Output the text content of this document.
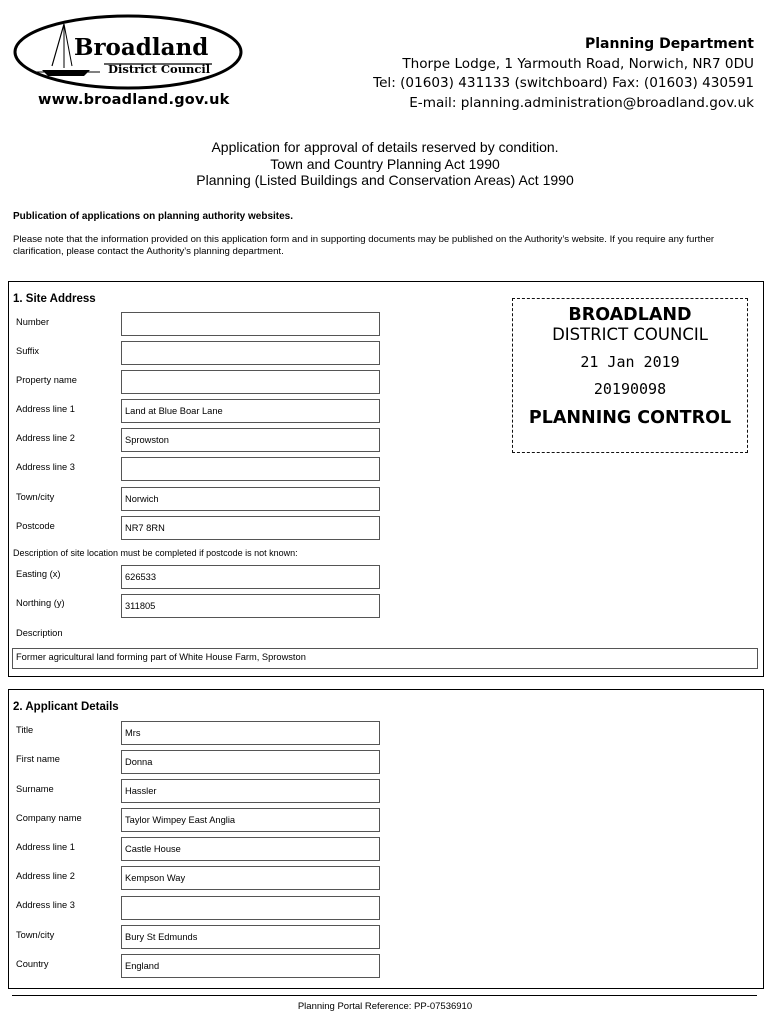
Broadland
District Council
www.broadland.gov.uk
Planning Department
Thorpe Lodge, 1 Yarmouth Road, Norwich, NR7 0DU
Tel: (01603) 431133 (switchboard) Fax: (01603) 430591
E-mail: planning.administration@broadland.gov.uk
Application for approval of details reserved by condition.
Town and Country Planning Act 1990
Planning (Listed Buildings and Conservation Areas) Act 1990
Publication of applications on planning authority websites.
Please note that the information provided on this application form and in supporting documents may be published on the Authority’s website. If you require any further clarification, please contact the Authority’s planning department.
1. Site Address
Number
Suffix
Property name
Address line 1	Land at Blue Boar Lane
Address line 2	Sprowston
Address line 3
Town/city	Norwich
Postcode	NR7 8RN
Description of site location must be completed if postcode is not known:
Easting (x)	626533
Northing (y)	311805
Description
Former agricultural land forming part of White House Farm, Sprowston
BROADLAND
DISTRICT COUNCIL
21 Jan 2019
20190098
PLANNING CONTROL
2. Applicant Details
Title	Mrs
First name	Donna
Surname	Hassler
Company name	Taylor Wimpey East Anglia
Address line 1	Castle House
Address line 2	Kempson Way
Address line 3
Town/city	Bury St Edmunds
Country	England
Planning Portal Reference: PP-07536910
